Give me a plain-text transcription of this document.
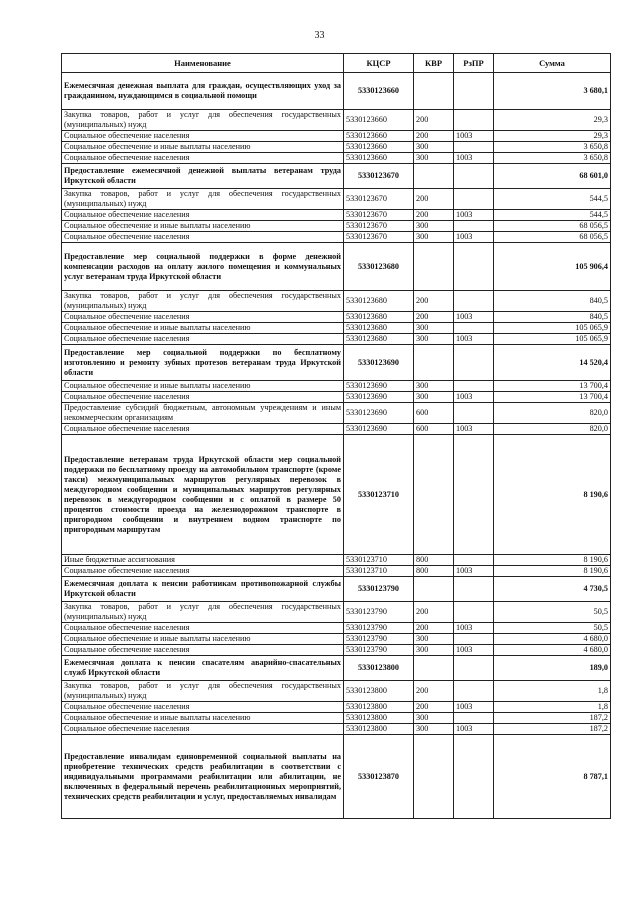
33
Наименование	КЦСР	КВР	РзПР	Сумма
Ежемесячная денежная выплата для граждан, осуществляющих уход за гражданином, нуждающимся в социальной помощи	5330123660			3 680,1
Закупка товаров, работ и услуг для обеспечения государственных (муниципальных) нужд	5330123660	200		29,3
Социальное обеспечение населения	5330123660	200	1003	29,3
Социальное обеспечение и иные выплаты населению	5330123660	300		3 650,8
Социальное обеспечение населения	5330123660	300	1003	3 650,8
Предоставление ежемесячной денежной выплаты ветеранам труда Иркутской области	5330123670			68 601,0
Закупка товаров, работ и услуг для обеспечения государственных (муниципальных) нужд	5330123670	200		544,5
Социальное обеспечение населения	5330123670	200	1003	544,5
Социальное обеспечение и иные выплаты населению	5330123670	300		68 056,5
Социальное обеспечение населения	5330123670	300	1003	68 056,5
Предоставление мер социальной поддержки в форме денежной компенсации расходов на оплату жилого помещения и коммунальных услуг ветеранам труда Иркутской области	5330123680			105 906,4
Закупка товаров, работ и услуг для обеспечения государственных (муниципальных) нужд	5330123680	200		840,5
Социальное обеспечение населения	5330123680	200	1003	840,5
Социальное обеспечение и иные выплаты населению	5330123680	300		105 065,9
Социальное обеспечение населения	5330123680	300	1003	105 065,9
Предоставление мер социальной поддержки по бесплатному изготовлению и ремонту зубных протезов ветеранам труда Иркутской области	5330123690			14 520,4
Социальное обеспечение и иные выплаты населению	5330123690	300		13 700,4
Социальное обеспечение населения	5330123690	300	1003	13 700,4
Предоставление субсидий бюджетным, автономным учреждениям и иным некоммерческим организациям	5330123690	600		820,0
Социальное обеспечение населения	5330123690	600	1003	820,0
Предоставление ветеранам труда Иркутской области мер социальной поддержки по бесплатному проезду на автомобильном транспорте (кроме такси) межмуниципальных маршрутов регулярных перевозок в междугородном сообщении и муниципальных маршрутов регулярных перевозок в междугородном сообщении и с оплатой в размере 50 процентов стоимости проезда на железнодорожном транспорте в пригородном сообщении и внутреннем водном транспорте по пригородным маршрутам	5330123710			8 190,6
Иные бюджетные ассигнования	5330123710	800		8 190,6
Социальное обеспечение населения	5330123710	800	1003	8 190,6
Ежемесячная доплата к пенсии работникам противопожарной службы Иркутской области	5330123790			4 730,5
Закупка товаров, работ и услуг для обеспечения государственных (муниципальных) нужд	5330123790	200		50,5
Социальное обеспечение населения	5330123790	200	1003	50,5
Социальное обеспечение и иные выплаты населению	5330123790	300		4 680,0
Социальное обеспечение населения	5330123790	300	1003	4 680,0
Ежемесячная доплата к пенсии спасателям аварийно-спасательных служб Иркутской области	5330123800			189,0
Закупка товаров, работ и услуг для обеспечения государственных (муниципальных) нужд	5330123800	200		1,8
Социальное обеспечение населения	5330123800	200	1003	1,8
Социальное обеспечение и иные выплаты населению	5330123800	300		187,2
Социальное обеспечение населения	5330123800	300	1003	187,2
Предоставление инвалидам единовременной социальной выплаты на приобретение технических средств реабилитации в соответствии с индивидуальными программами реабилитации или абилитации, не включенных в федеральный перечень реабилитационных мероприятий, технических средств реабилитации и услуг, предоставляемых инвалидам	5330123870			8 787,1
